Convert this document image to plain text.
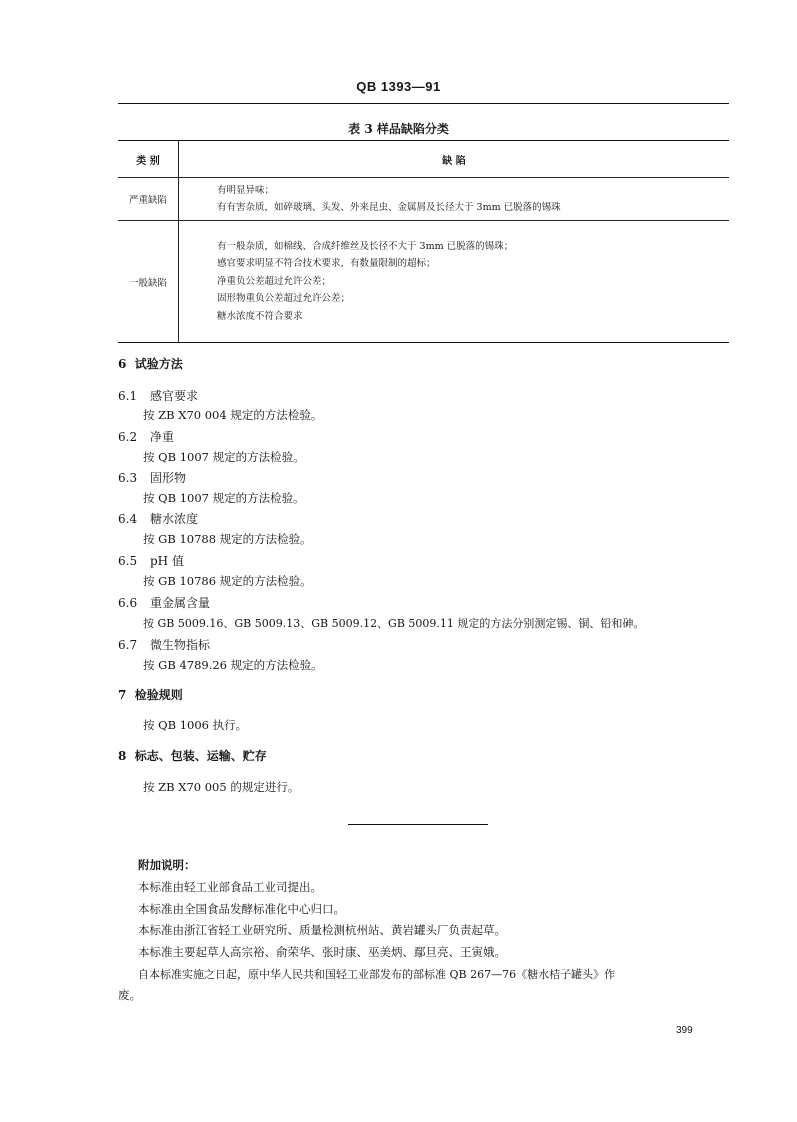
QB 1393—91
表 3 样品缺陷分类
类 别	缺 陷
严重缺陷	有明显异味；
有有害杂质，如碎玻璃、头发、外来昆虫、金属屑及长径大于 3mm 已脱落的锡珠

一般缺陷	有一般杂质，如棉线、合成纤维丝及长径不大于 3mm 已脱落的锡珠；
感官要求明显不符合技术要求，有数量限制的超标；
净重负公差超过允许公差；
固形物重负公差超过允许公差；
糖水浓度不符合要求
6 试验方法
6.1 感官要求
按 ZB X70 004 规定的方法检验。
6.2 净重
按 QB 1007 规定的方法检验。
6.3 固形物
按 QB 1007 规定的方法检验。
6.4 糖水浓度
按 GB 10788 规定的方法检验。
6.5 pH 值
按 GB 10786 规定的方法检验。
6.6 重金属含量
按 GB 5009.16、GB 5009.13、GB 5009.12、GB 5009.11 规定的方法分别测定锡、铜、铅和砷。
6.7 微生物指标
按 GB 4789.26 规定的方法检验。
7 检验规则
按 QB 1006 执行。
8 标志、包装、运输、贮存
按 ZB X70 005 的规定进行。
附加说明：
本标准由轻工业部食品工业司提出。
本标准由全国食品发酵标准化中心归口。
本标准由浙江省轻工业研究所、质量检测杭州站、黄岩罐头厂负责起草。
本标准主要起草人高宗裕、俞荣华、张时康、巫美炳、鄢旦亮、王寅娥。
自本标准实施之日起，原中华人民共和国轻工业部发布的部标准 QB 267—76《糖水桔子罐头》作
废。
399
